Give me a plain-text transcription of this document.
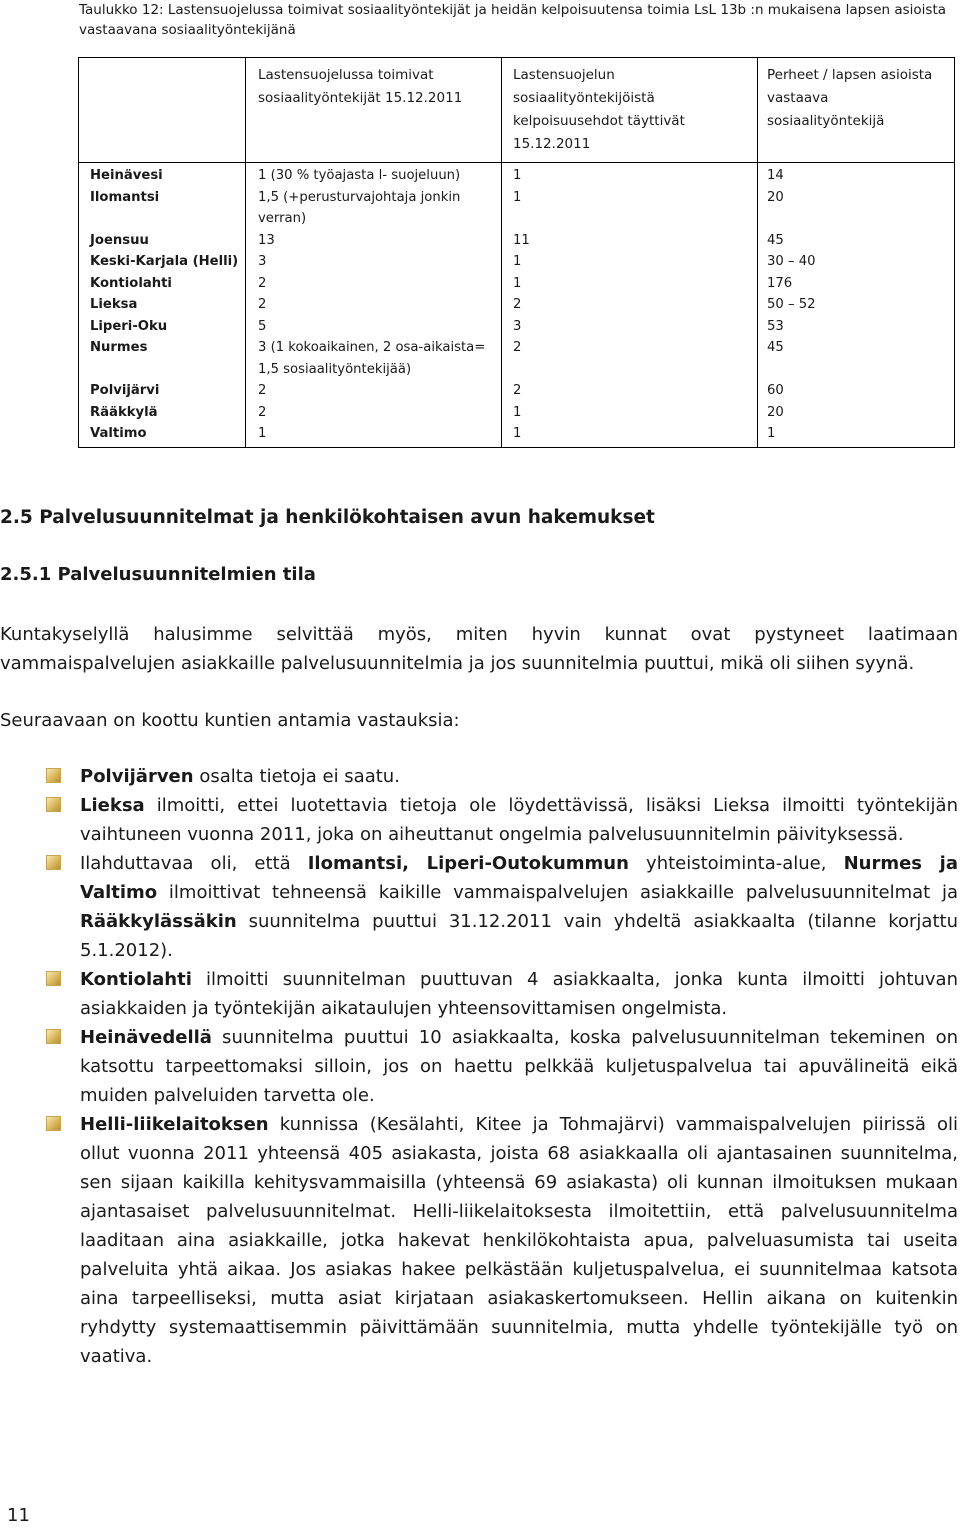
Taulukko 12: Lastensuojelussa toimivat sosiaalityöntekijät ja heidän kelpoisuutensa toimia LsL 13b :n mukaisena lapsen asioista vastaavana sosiaalityöntekijänä
	Lastensuojelussa toimivat sosiaalityöntekijät 15.12.2011	Lastensuojelun sosiaalityöntekijöistä kelpoisuusehdot täyttivät 15.12.2011	Perheet / lapsen asioista vastaava sosiaalityöntekijä
Heinävesi	1 (30 % työajasta l- suojeluun)	1	14
Ilomantsi	1,5 (+perusturvajohtaja jonkin verran)	1	20
Joensuu	13	11	45
Keski-Karjala (Helli)	3	1	30 – 40
Kontiolahti	2	1	176
Lieksa	2	2	50 – 52
Liperi-Oku	5	3	53
Nurmes	3 (1 kokoaikainen, 2 osa-aikaista= 1,5 sosiaalityöntekijää)	2	45
Polvijärvi	2	2	60
Rääkkylä	2	1	20
Valtimo	1	1	1
2.5 Palvelusuunnitelmat ja henkilökohtaisen avun hakemukset
2.5.1 Palvelusuunnitelmien tila

Kuntakyselyllä halusimme selvittää myös, miten hyvin kunnat ovat pystyneet laatimaan vammaispalvelujen asiakkaille palvelusuunnitelmia ja jos suunnitelmia puuttui, mikä oli siihen syynä.

Seuraavaan on koottu kuntien antamia vastauksia:

Polvijärven osalta tietoja ei saatu.
Lieksa ilmoitti, ettei luotettavia tietoja ole löydettävissä, lisäksi Lieksa ilmoitti työntekijän vaihtuneen vuonna 2011, joka on aiheuttanut ongelmia palvelusuunnitelmin päivityksessä.
Ilahduttavaa oli, että Ilomantsi, Liperi-Outokummun yhteistoiminta-alue, Nurmes ja Valtimo ilmoittivat tehneensä kaikille vammaispalvelujen asiakkaille palvelusuunnitelmat ja Rääkkylässäkin suunnitelma puuttui 31.12.2011 vain yhdeltä asiakkaalta (tilanne korjattu 5.1.2012).
Kontiolahti ilmoitti suunnitelman puuttuvan 4 asiakkaalta, jonka kunta ilmoitti johtuvan asiakkaiden ja työntekijän aikataulujen yhteensovittamisen ongelmista.
Heinävedellä suunnitelma puuttui 10 asiakkaalta, koska palvelusuunnitelman tekeminen on katsottu tarpeettomaksi silloin, jos on haettu pelkkää kuljetuspalvelua tai apuvälineitä eikä muiden palveluiden tarvetta ole.
Helli-liikelaitoksen kunnissa (Kesälahti, Kitee ja Tohmajärvi) vammaispalvelujen piirissä oli ollut vuonna 2011 yhteensä 405 asiakasta, joista 68 asiakkaalla oli ajantasainen suunnitelma, sen sijaan kaikilla kehitysvammaisilla (yhteensä 69 asiakasta) oli kunnan ilmoituksen mukaan ajantasaiset palvelusuunnitelmat. Helli-liikelaitoksesta ilmoitettiin, että palvelusuunnitelma laaditaan aina asiakkaille, jotka hakevat henkilökohtaista apua, palveluasumista tai useita palveluita yhtä aikaa. Jos asiakas hakee pelkästään kuljetuspalvelua, ei suunnitelmaa katsota aina tarpeelliseksi, mutta asiat kirjataan asiakaskertomukseen. Hellin aikana on kuitenkin ryhdytty systemaattisemmin päivittämään suunnitelmia, mutta yhdelle työntekijälle työ on vaativa.
11
